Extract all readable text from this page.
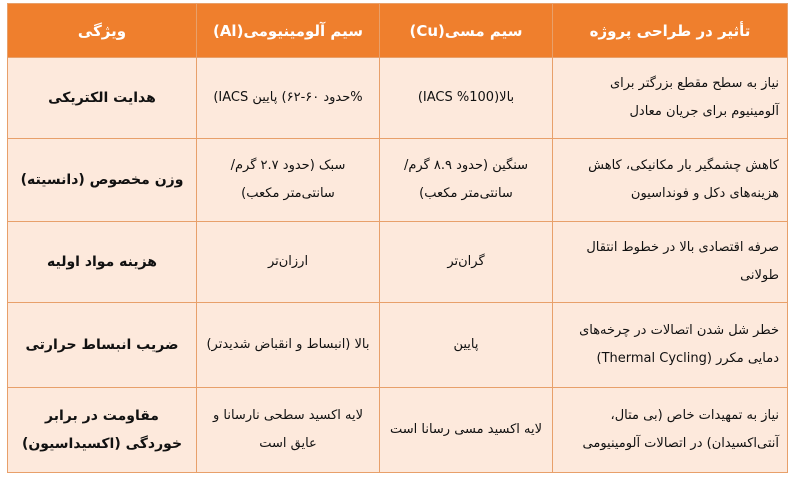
تأثیر در طراحی پروژه	سیم مسی(Cu)	سیم آلومینیومی(Al)	ویژگی
نیاز به سطح مقطع بزرگتر برای آلومینیوم برای جریان معادل	بالا(100% IACS)	%حدود ۶۰-۶۲) پایین IACS)	هدایت الکتریکی
کاهش چشمگیر بار مکانیکی، کاهش هزینه‌های دکل و فونداسیون	سنگین (حدود ۸.۹ گرم/سانتی‌متر مکعب)	سبک (حدود ۲.۷ گرم/سانتی‌متر مکعب)	وزن مخصوص (دانسیته)
صرفه اقتصادی بالا در خطوط انتقال طولانی	گران‌تر	ارزان‌تر	هزینه مواد اولیه
خطر شل شدن اتصالات در چرخه‌های دمایی مکرر (Thermal Cycling)	پایین	بالا (انبساط و انقباض شدیدتر)	ضریب انبساط حرارتی
نیاز به تمهیدات خاص (بی متال، آنتی‌اکسیدان) در اتصالات آلومینیومی	لایه اکسید مسی رسانا است	لایه اکسید سطحی نارسانا و عایق است	مقاومت در برابر خوردگی (اکسیداسیون)
